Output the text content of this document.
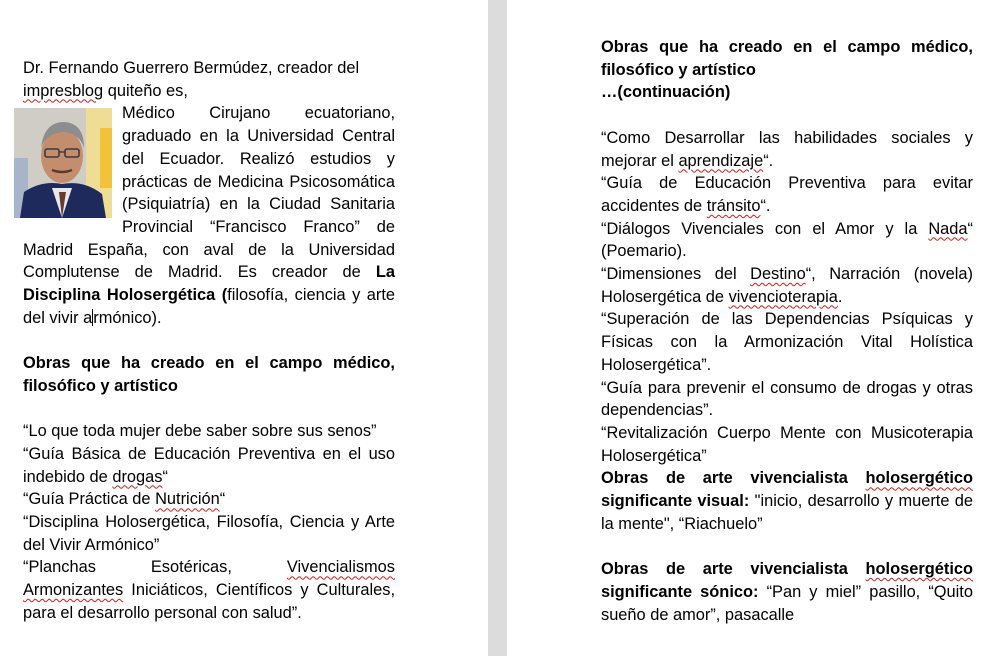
Dr. Fernando Guerrero Bermúdez, creador del
impresblog quiteño es,

Médico Cirujano ecuatoriano, graduado en la Universidad Central del Ecuador. Realizó estudios y prácticas de Medicina Psicosomática (Psiquiatría) en la Ciudad Sanitaria Provincial “Francisco Franco” de Madrid España, con aval de la Universidad Complutense de Madrid. Es creador de La Disciplina Holosergética (filosofía, ciencia y arte del vivir armónico).

Obras que ha creado en el campo médico, filosófico y artístico

“Lo que toda mujer debe saber sobre sus senos”

“Guía Básica de Educación Preventiva en el uso indebido de drogas“

“Guía Práctica de Nutrición“

“Disciplina Holosergética, Filosofía, Ciencia y Arte del Vivir Armónico”

“Planchas Esotéricas, Vivencialismos Armonizantes Iniciáticos, Científicos y Culturales, para el desarrollo personal con salud”.

Obras que ha creado en el campo médico, filosófico y artístico
…(continuación)

“Como Desarrollar las habilidades sociales y mejorar el aprendizaje“.

“Guía de Educación Preventiva para evitar accidentes de tránsito“.

“Diálogos Vivenciales con el Amor y la Nada“ (Poemario).

“Dimensiones del Destino“, Narración (novela) Holosergética de vivencioterapia.

“Superación de las Dependencias Psíquicas y Físicas con la Armonización Vital Holística Holosergética”.

“Guía para prevenir el consumo de drogas y otras dependencias”.

“Revitalización Cuerpo Mente con Musicoterapia Holosergética”

Obras de arte vivencialista holosergético significante visual: "inicio, desarrollo y muerte de la mente", “Riachuelo”

Obras de arte vivencialista holosergético significante sónico: “Pan y miel” pasillo, “Quito sueño de amor”, pasacalle
